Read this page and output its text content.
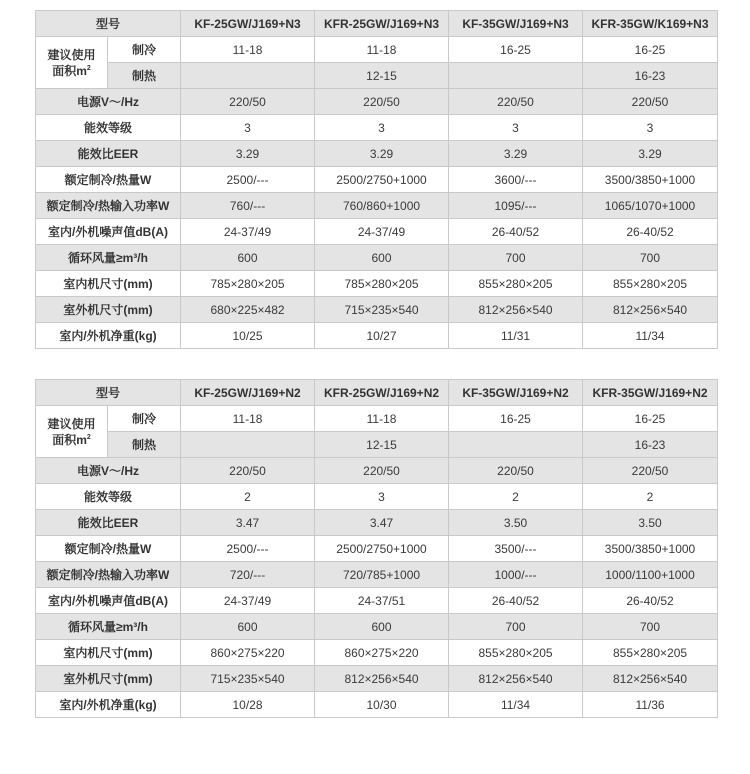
型号		KF-25GW/J169+N3	KFR-25GW/J169+N3	KF-35GW/J169+N3	KFR-35GW/K169+N3
建议使用
面积$m^2$	制冷	11-18	11-18	16-25	16-25
	制热		12-15		16-23
电源V～/Hz		220/50	220/50	220/50	220/50
能效等级		3	3	3	3
能效比EER		3.29	3.29	3.29	3.29
额定制冷/热量W		2500/---	2500/2750+1000	3600/---	3500/3850+1000
额定制冷/热输入功率W		760/---	760/860+1000	1095/---	1065/1070+1000
室内/外机噪声值dB(A)		24-37/49	24-37/49	26-40/52	26-40/52
循环风量≥m³/h		600	600	700	700
室内机尺寸(mm)		785×280×205	785×280×205	855×280×205	855×280×205
室外机尺寸(mm)		680×225×482	715×235×540	812×256×540	812×256×540
室内/外机净重(kg)		10/25	10/27	11/31	11/34
型号		KF-25GW/J169+N2	KFR-25GW/J169+N2	KF-35GW/J169+N2	KFR-35GW/J169+N2
建议使用
面积$m^2$	制冷	11-18	11-18	16-25	16-25
	制热		12-15		16-23
电源V～/Hz		220/50	220/50	220/50	220/50
能效等级		2	3	2	2
能效比EER		3.47	3.47	3.50	3.50
额定制冷/热量W		2500/---	2500/2750+1000	3500/---	3500/3850+1000
额定制冷/热输入功率W		720/---	720/785+1000	1000/---	1000/1100+1000
室内/外机噪声值dB(A)		24-37/49	24-37/51	26-40/52	26-40/52
循环风量≥m³/h		600	600	700	700
室内机尺寸(mm)		860×275×220	860×275×220	855×280×205	855×280×205
室外机尺寸(mm)		715×235×540	812×256×540	812×256×540	812×256×540
室内/外机净重(kg)		10/28	10/30	11/34	11/36
